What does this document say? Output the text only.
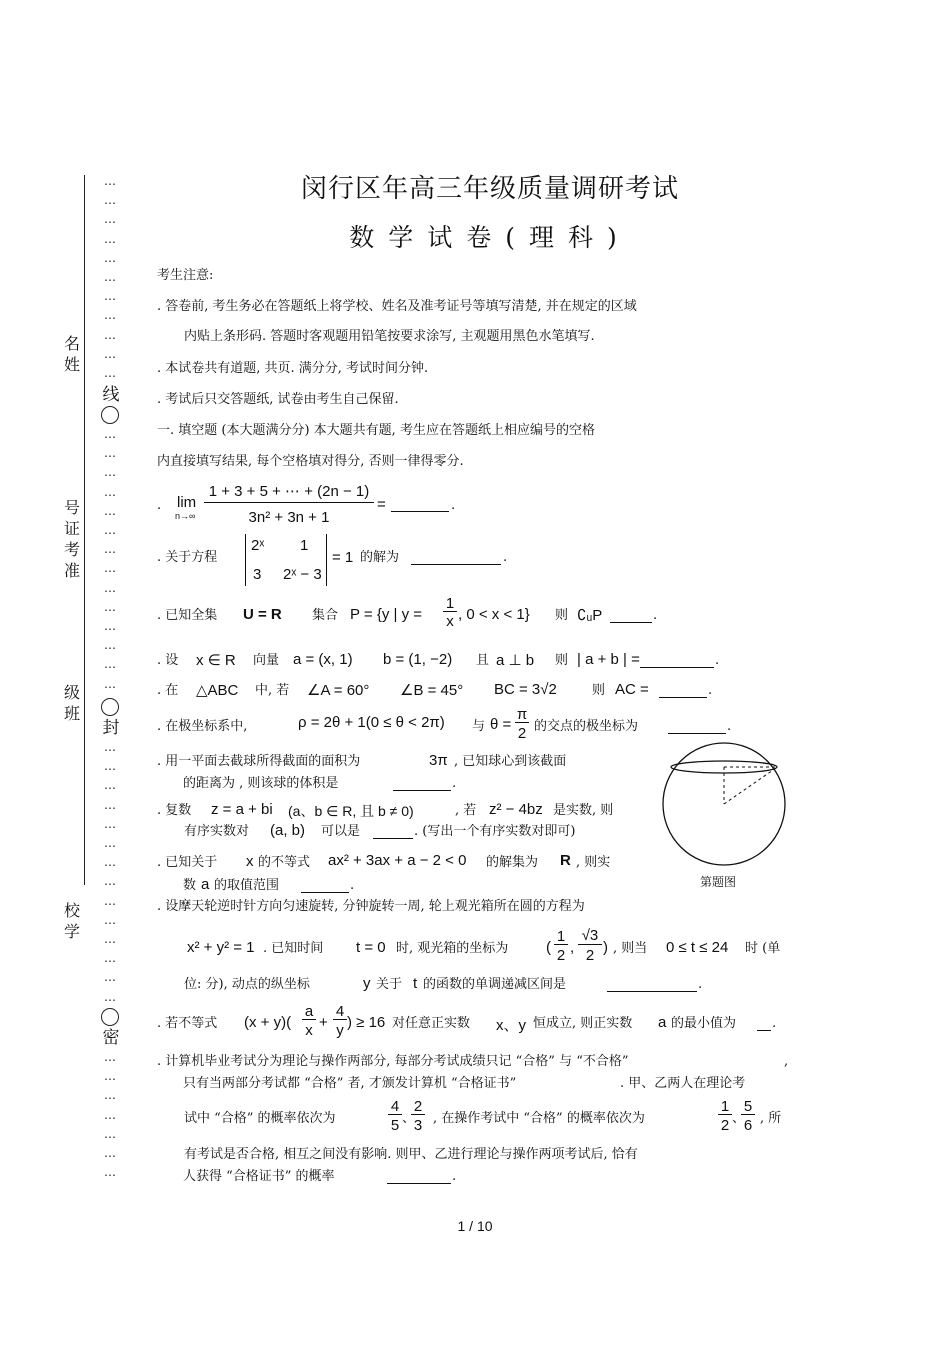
…
…
…
…
…
…
…
…
…
…
…
线
…
…
…
…
…
…
…
…
…
…
…
…
…
…
封
…
…
…
…
…
…
…
…
…
…
…
…
…
…
密
…
…
…
…
…
…
…
名姓
号证考准
级班
校学
闵行区年高三年级质量调研考试
数学试卷(理科)
考生注意:
. 答卷前, 考生务必在答题纸上将学校、姓名及准考证号等填写清楚, 并在规定的区域
内贴上条形码. 答题时客观题用铅笔按要求涂写, 主观题用黑色水笔填写.
. 本试卷共有道题, 共页. 满分分, 考试时间分钟.
. 考试后只交答题纸, 试卷由考生自己保留.
一. 填空题 (本大题满分分) 本大题共有题, 考生应在答题纸上相应编号的空格
内直接填写结果, 每个空格填对得分, 否则一律得零分.
. lim
n→∞
1 + 3 + 5 + ⋯ + (2n − 1)
3n² + 3n + 1
=	.
. 关于方程
2ˣ 1
3 2ˣ − 3
= 1 的解为	.
. 已知全集 U = R 集合 P = {y | y =
1
x , 0 < x < 1} 则 ∁ᵤP	.
. 设 x ∈ R 向量 a = (x, 1) b = (1, −2) 且 a ⊥ b 则 | a + b | =	.
. 在 △ABC 中, 若 ∠A = 60° ∠B = 45° BC = 3√2	则 AC =	.
. 在极坐标系中,	ρ = 2θ + 1(0 ≤ θ < 2π) 与 θ =
π
2 的交点的极坐标为	.
. 用一平面去截球所得截面的面积为	3π , 已知球心到该截面
的距离为 , 则该球的体积是	.
. 复数 z = a + bi (a、b ∈ R, 且 b ≠ 0)	, 若 z² − 4bz 是实数, 则
有序实数对 (a, b) 可以是	. (写出一个有序实数对即可)
. 已知关于 x 的不等式 ax² + 3ax + a − 2 < 0 的解集为 R , 则实
数 a 的取值范围	.	第题图
. 设摩天轮逆时针方向匀速旋转, 分钟旋转一周, 轮上观光箱所在圆的方程为
x² + y² = 1 . 已知时间 t = 0 时, 观光箱的坐标为	(
1
2 ,
√3
2 ) , 则当 0 ≤ t ≤ 24 时 (单
位: 分), 动点的纵坐标	y 关于 t 的函数的单调递减区间是	.
. 若不等式 (x + y)(
a
x +
4
y ) ≥ 16 对任意正实数 x、y 恒成立, 则正实数 a 的最小值为	.
. 计算机毕业考试分为理论与操作两部分, 每部分考试成绩只记 “合格” 与 “不合格”	,
只有当两部分考试都 “合格” 者, 才颁发计算机 “合格证书”	. 甲、乙两人在理论考
试中 “合格” 的概率依次为
4
5 、
2
3 , 在操作考试中 “合格” 的概率依次为
1
2 、
5
6 , 所
有考试是否合格, 相互之间没有影响. 则甲、乙进行理论与操作两项考试后, 恰有
人获得 “合格证书” 的概率	.
1 / 10
